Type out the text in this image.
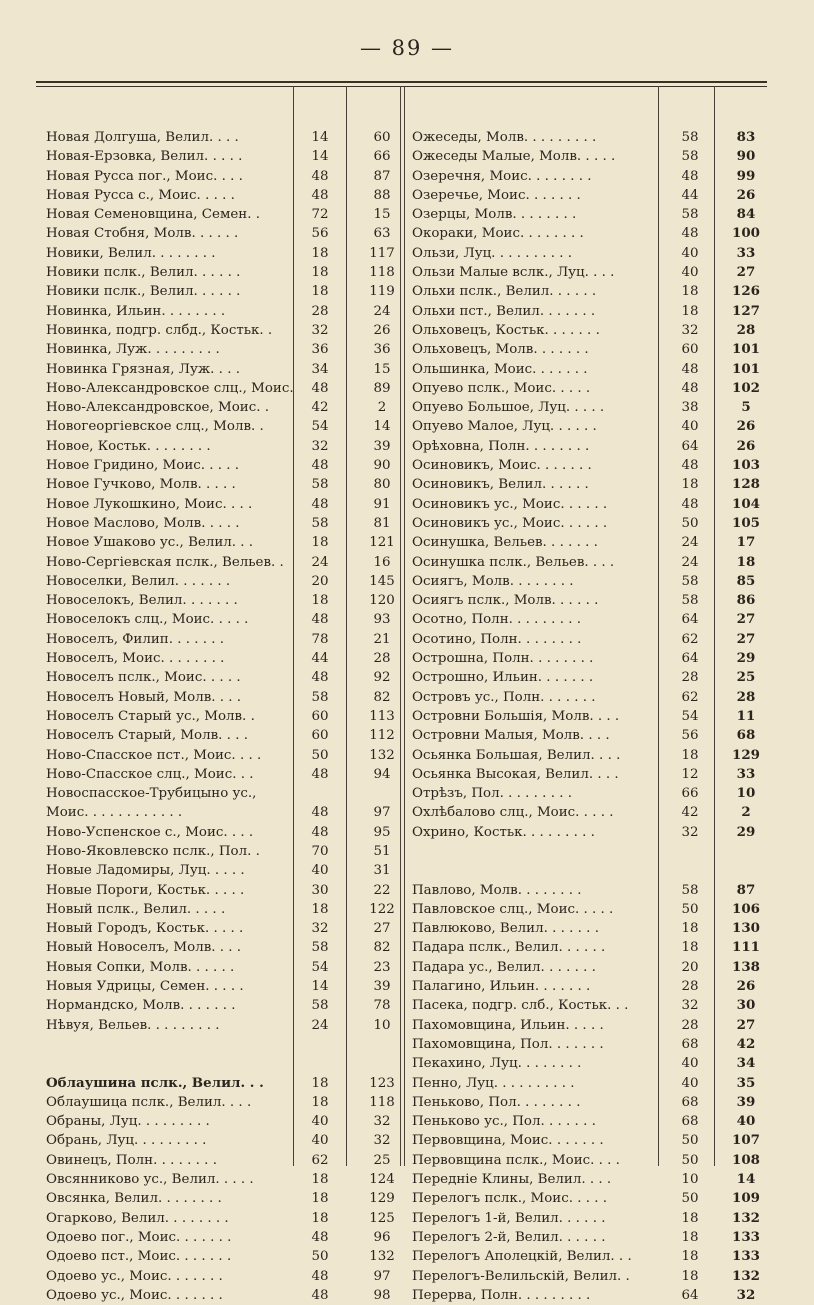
— 89 —
Новая Долгуша, Велил. . . .	14	60
Новая-Ерзовка, Велил. . . . .	14	66
Новая Русса пог., Моис. . . .	48	87
Новая Русса с., Моис. . . . .	48	88
Новая Семеновщина, Семен. .	72	15
Новая Стобня, Молв. . . . . .	56	63
Новики, Велил. . . . . . . .	18	117
Новики пслк., Велил. . . . . .	18	118
Новики пслк., Велил. . . . . .	18	119
Новинка, Ильин. . . . . . . .	28	24
Новинка, подгр. слбд., Костьк. .	32	26
Новинка, Луж. . . . . . . . .	36	36
Новинка Грязная, Луж. . . .	34	15
Ново-Александровское слц., Моис.	48	89
Ново-Александровское, Моис. .	42	2
Новогеоргіевское слц., Молв. .	54	14
Новое, Костьк. . . . . . . .	32	39
Новое Гридино, Моис. . . . .	48	90
Новое Гучково, Молв. . . . .	58	80
Новое Лукошкино, Моис. . . .	48	91
Новое Маслово, Молв. . . . .	58	81
Новое Ушаково ус., Велил. . .	18	121
Ново-Сергіевская пслк., Вельев. .	24	16
Новоселки, Велил. . . . . . .	20	145
Новоселокъ, Велил. . . . . . .	18	120
Новоселокъ слц., Моис. . . . .	48	93
Новоселъ, Филип. . . . . . .	78	21
Новоселъ, Моис. . . . . . . .	44	28
Новоселъ пслк., Моис. . . . .	48	92
Новоселъ Новый, Молв. . . .	58	82
Новоселъ Старый ус., Молв. .	60	113
Новоселъ Старый, Молв. . . .	60	112
Ново-Спасское пст., Моис. . . .	50	132
Ново-Спасское слц., Моис. . .	48	94
Новоспасское-Трубицыно ус.,
Моис. . . . . . . . . . . .	48	97
Ново-Успенское с., Моис. . . .	48	95
Ново-Яковлевско пслк., Пол. .	70	51
Новые Ладомиры, Луц. . . . .	40	31
Новые Пороги, Костьк. . . . .	30	22
Новый пслк., Велил. . . . .	18	122
Новый Городъ, Костьк. . . . .	32	27
Новый Новоселъ, Молв. . . .	58	82
Новыя Сопки, Молв. . . . . .	54	23
Новыя Удрицы, Семен. . . . .	14	39
Нормандско, Молв. . . . . . .	58	78
Нѣвуя, Вельев. . . . . . . . .	24	10
Облаушина пслк., Велил. . .	18	123
Облаушица пслк., Велил. . . .	18	118
Обраны, Луц. . . . . . . . .	40	32
Обрань, Луц. . . . . . . . .	40	32
Овинецъ, Полн. . . . . . . .	62	25
Овсянниково ус., Велил. . . . .	18	124
Овсянка, Велил. . . . . . . .	18	129
Огарково, Велил. . . . . . . .	18	125
Одоево пог., Моис. . . . . . .	48	96
Одоево пст., Моис. . . . . . .	50	132
Одоево ус., Моис. . . . . . .	48	97
Одоево ус., Моис. . . . . . .	48	98
Ожеседы, Молв. . . . . . . . .	58	83
Ожеседы Малые, Молв. . . . .	58	90
Озеречня, Моис. . . . . . . .	48	99
Озеречье, Моис. . . . . . .	44	26
Озерцы, Молв. . . . . . . .	58	84
Окораки, Моис. . . . . . . .	48	100
Ользи, Луц. . . . . . . . . .	40	33
Ользи Малые вслк., Луц. . . .	40	27
Ольхи пслк., Велил. . . . . .	18	126
Ольхи пст., Велил. . . . . . .	18	127
Ольховецъ, Костьк. . . . . . .	32	28
Ольховецъ, Молв. . . . . . .	60	101
Ольшинка, Моис. . . . . . .	48	101
Опуево пслк., Моис. . . . .	48	102
Опуево Большое, Луц. . . . .	38	5
Опуево Малое, Луц. . . . . .	40	26
Орѣховна, Полн. . . . . . . .	64	26
Осиновикъ, Моис. . . . . . .	48	103
Осиновикъ, Велил. . . . . .	18	128
Осиновикъ ус., Моис. . . . . .	48	104
Осиновикъ ус., Моис. . . . . .	50	105
Осинушка, Вельев. . . . . . .	24	17
Осинушка пслк., Вельев. . . .	24	18
Осиягъ, Молв. . . . . . . .	58	85
Осиягъ пслк., Молв. . . . . .	58	86
Осотно, Полн. . . . . . . . .	64	27
Осотино, Полн. . . . . . . .	62	27
Острошна, Полн. . . . . . . .	64	29
Острошно, Ильин. . . . . . .	28	25
Островъ ус., Полн. . . . . . .	62	28
Островни Большія, Молв. . . .	54	11
Островни Малыя, Молв. . . .	56	68
Осьянка Большая, Велил. . . .	18	129
Осьянка Высокая, Велил. . . .	12	33
Отрѣзъ, Пол. . . . . . . . .	66	10
Охлѣбалово слц., Моис. . . . .	42	2
Охрино, Костьк. . . . . . . . .	32	29
Павлово, Молв. . . . . . . .	58	87
Павловское слц., Моис. . . . .	50	106
Павлюково, Велил. . . . . . .	18	130
Падара пслк., Велил. . . . . .	18	111
Падара ус., Велил. . . . . . .	20	138
Палагино, Ильин. . . . . . .	28	26
Пасека, подгр. слб., Костьк. . .	32	30
Пахомовщина, Ильин. . . . .	28	27
Пахомовщина, Пол. . . . . . .	68	42
Пекахино, Луц. . . . . . . .	40	34
Пенно, Луц. . . . . . . . . .	40	35
Пеньково, Пол. . . . . . . .	68	39
Пеньково ус., Пол. . . . . . .	68	40
Первовщина, Моис. . . . . . .	50	107
Первовщина пслк., Моис. . . .	50	108
Передніе Клины, Велил. . . .	10	14
Перелогъ пслк., Моис. . . . .	50	109
Перелогъ 1-й, Велил. . . . . .	18	132
Перелогъ 2-й, Велил. . . . . .	18	133
Перелогъ Аполецкій, Велил. . .	18	133
Перелогъ-Велильскій, Велил. .	18	132
Перерва, Полн. . . . . . . . .	64	32
